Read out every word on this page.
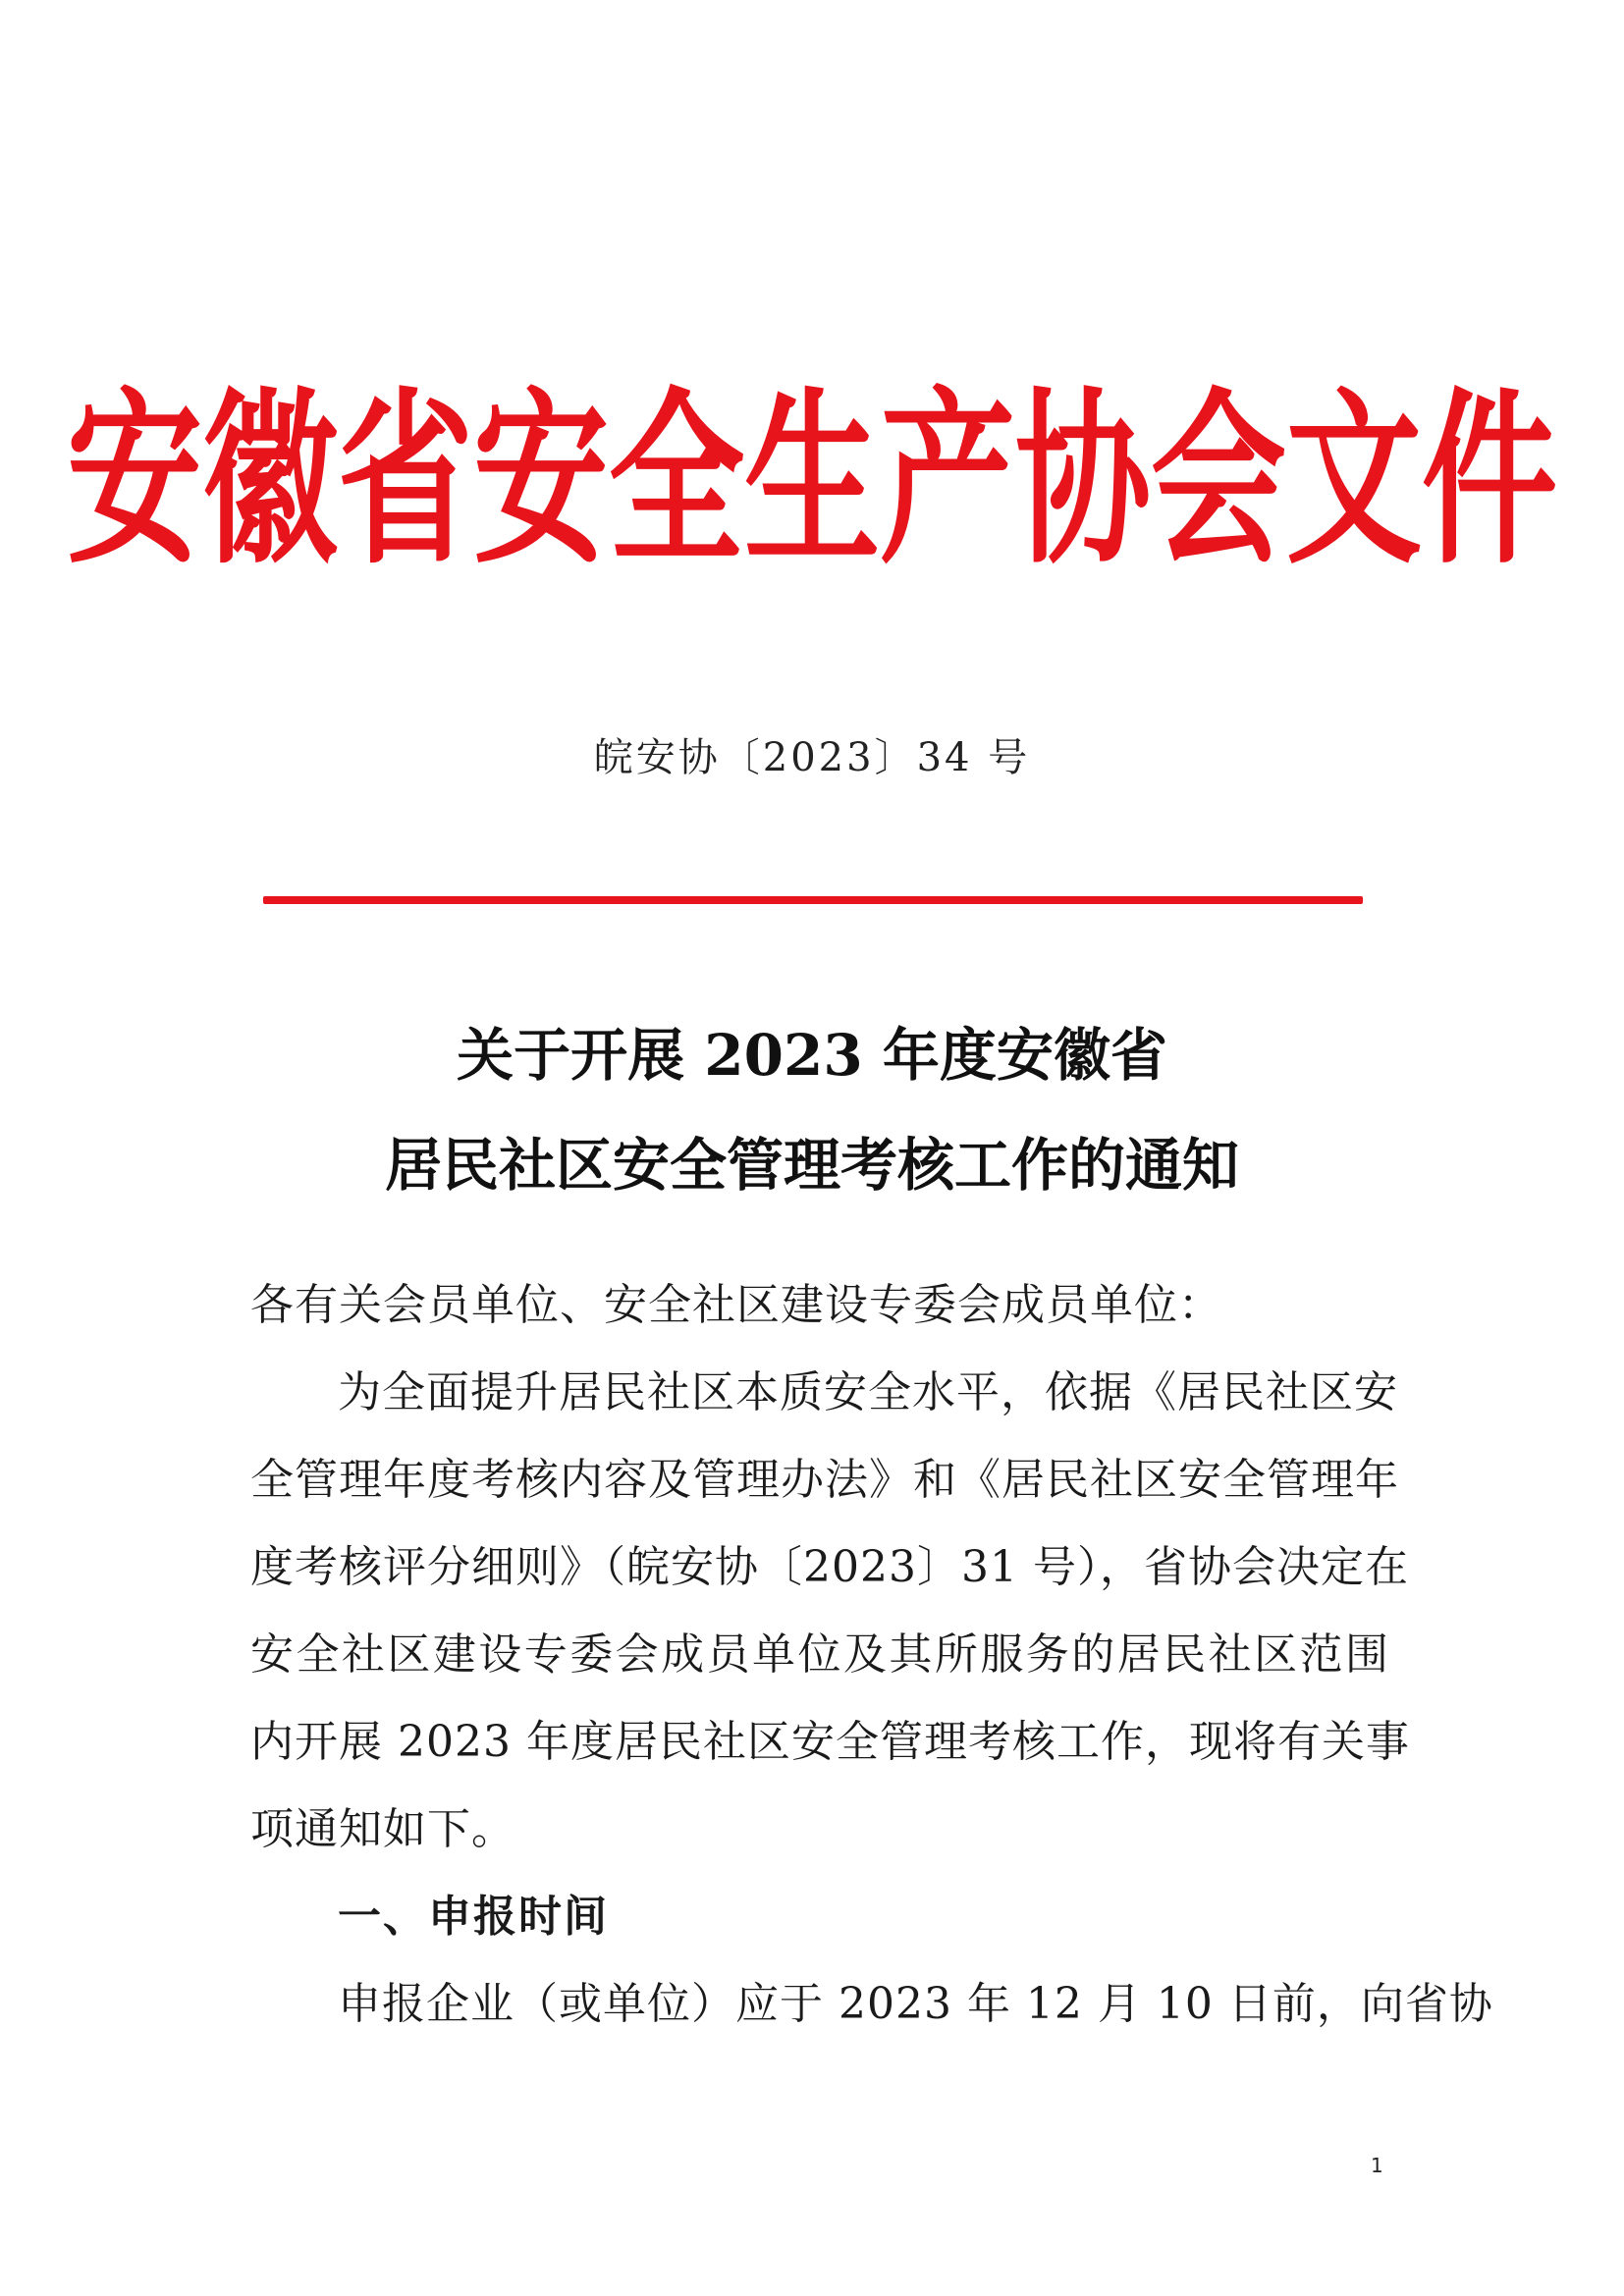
安徽省安全生产协会文件
皖安协〔2023〕34 号
关于开展 2023 年度安徽省
居民社区安全管理考核工作的通知
各有关会员单位、安全社区建设专委会成员单位：
为全面提升居民社区本质安全水平，依据《居民社区安
全管理年度考核内容及管理办法》和《居民社区安全管理年
度考核评分细则》（皖安协〔2023〕31 号），省协会决定在
安全社区建设专委会成员单位及其所服务的居民社区范围
内开展 2023 年度居民社区安全管理考核工作，现将有关事
项通知如下。
一、申报时间
申报企业（或单位）应于 2023 年 12 月 10 日前，向省协
1
